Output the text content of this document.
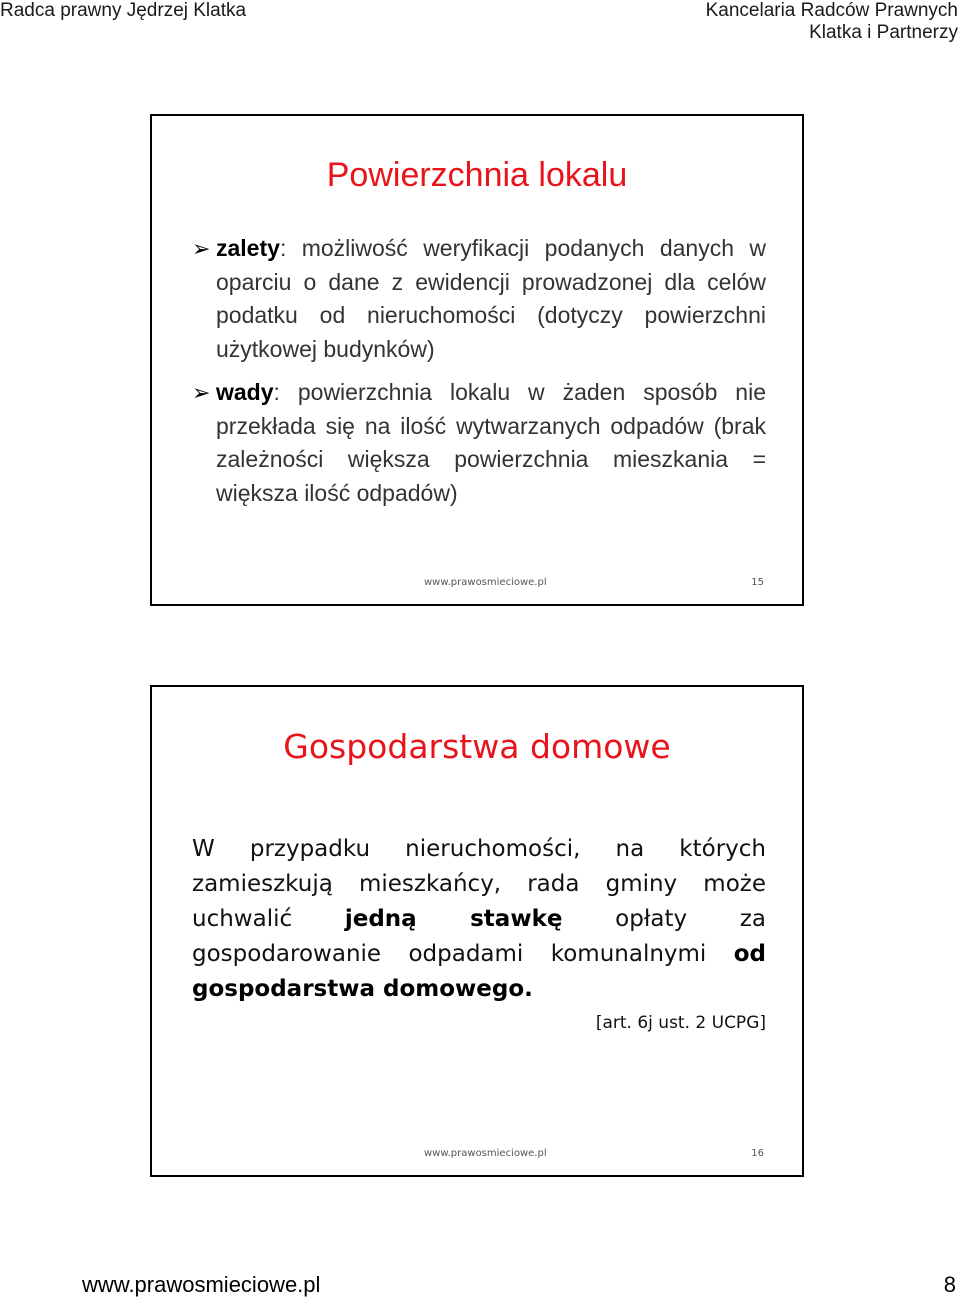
Radca prawny Jędrzej Klatka	Kancelaria Radców Prawnych
Klatka i Partnerzy
Powierzchnia lokalu
➢ zalety: możliwość weryfikacji podanych danych w oparciu o dane z ewidencji prowadzonej dla celów podatku od nieruchomości (dotyczy powierzchni użytkowej budynków)
➢ wady: powierzchnia lokalu w żaden sposób nie przekłada się na ilość wytwarzanych odpadów (brak zależności większa powierzchnia mieszkania = większa ilość odpadów)
www.prawosmieciowe.pl	15
Gospodarstwa domowe
W przypadku nieruchomości, na których zamieszkują mieszkańcy, rada gminy może uchwalić jedną stawkę opłaty za gospodarowanie odpadami komunalnymi od gospodarstwa domowego.
[art. 6j ust. 2 UCPG]
www.prawosmieciowe.pl	16
www.prawosmieciowe.pl	8
